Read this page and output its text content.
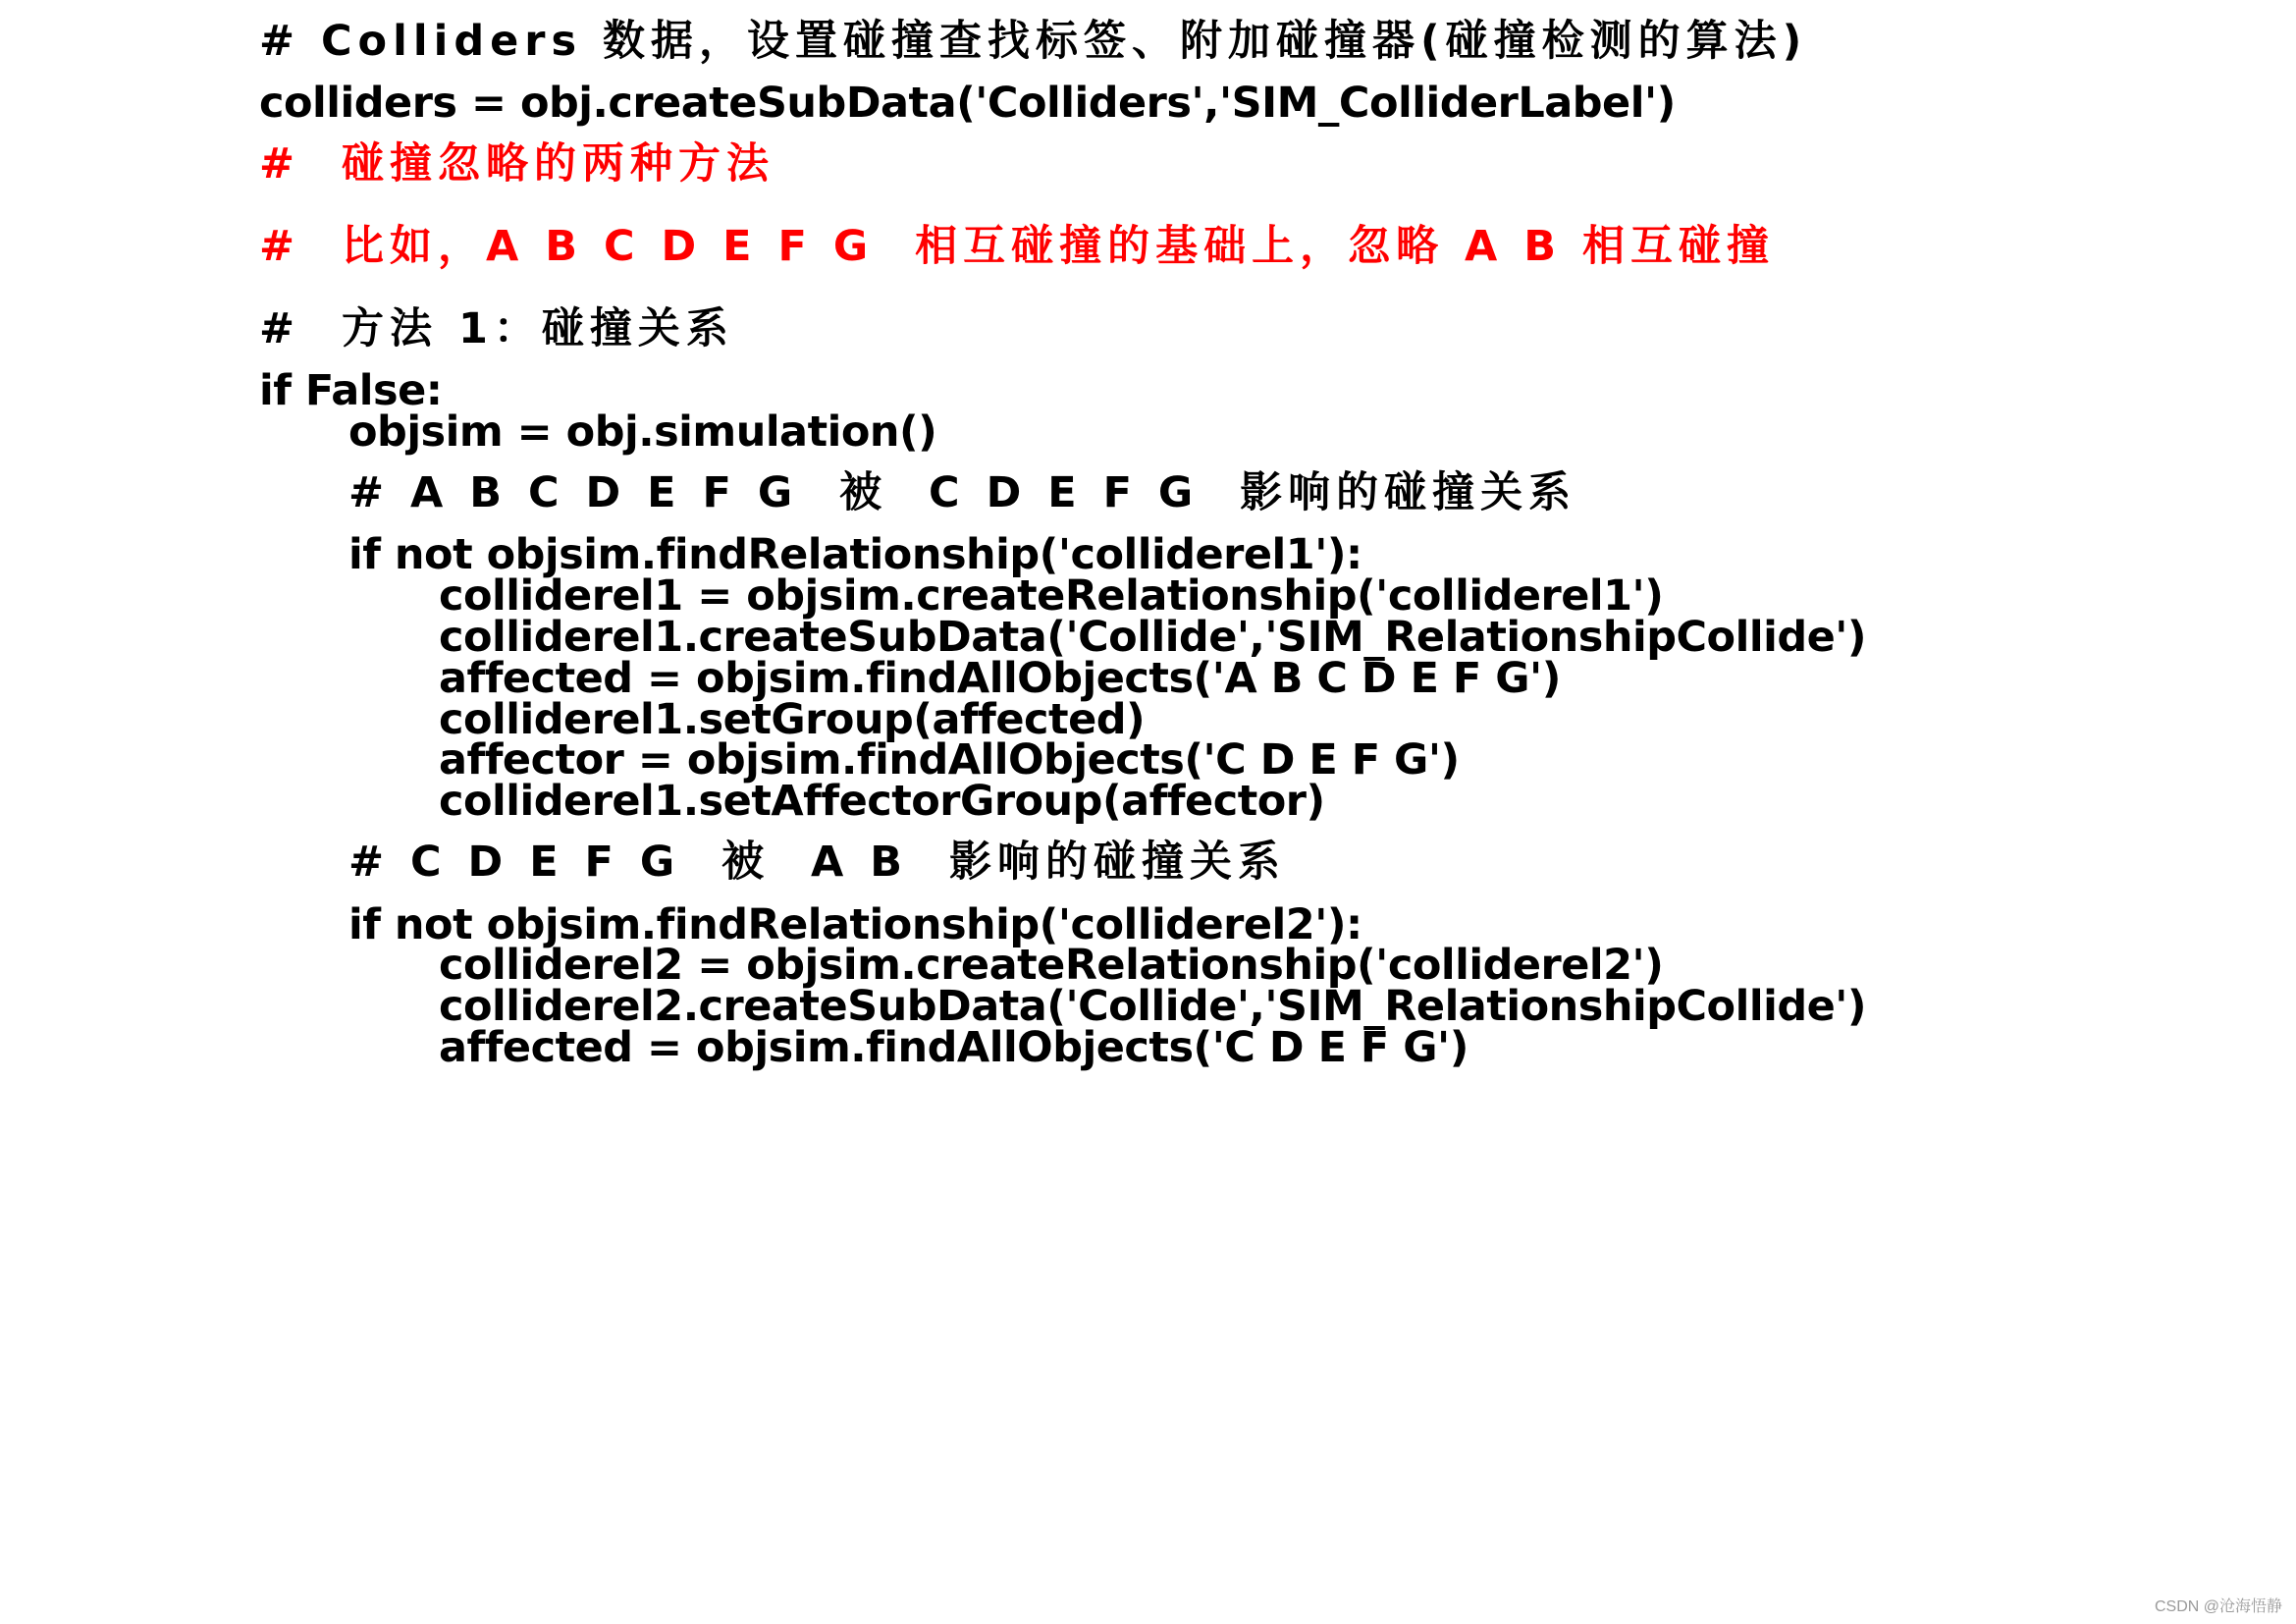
# Colliders 数据，设置碰撞查找标签、附加碰撞器(碰撞检测的算法)
colliders = obj.createSubData('Colliders','SIM_ColliderLabel')
#  碰撞忽略的两种方法
#  比如，A B C D E F G  相互碰撞的基础上，忽略 A B 相互碰撞
#  方法 1：碰撞关系
if False:
objsim = obj.simulation()
# A B C D E F G  被  C D E F G  影响的碰撞关系
if not objsim.findRelationship('colliderel1'):
colliderel1 = objsim.createRelationship('colliderel1')
colliderel1.createSubData('Collide','SIM_RelationshipCollide')
affected = objsim.findAllObjects('A B C D E F G')
colliderel1.setGroup(affected)
affector = objsim.findAllObjects('C D E F G')
colliderel1.setAffectorGroup(affector)
# C D E F G  被  A B  影响的碰撞关系
if not objsim.findRelationship('colliderel2'):
colliderel2 = objsim.createRelationship('colliderel2')
colliderel2.createSubData('Collide','SIM_RelationshipCollide')
affected = objsim.findAllObjects('C D E F G')
CSDN @沧海悟静
